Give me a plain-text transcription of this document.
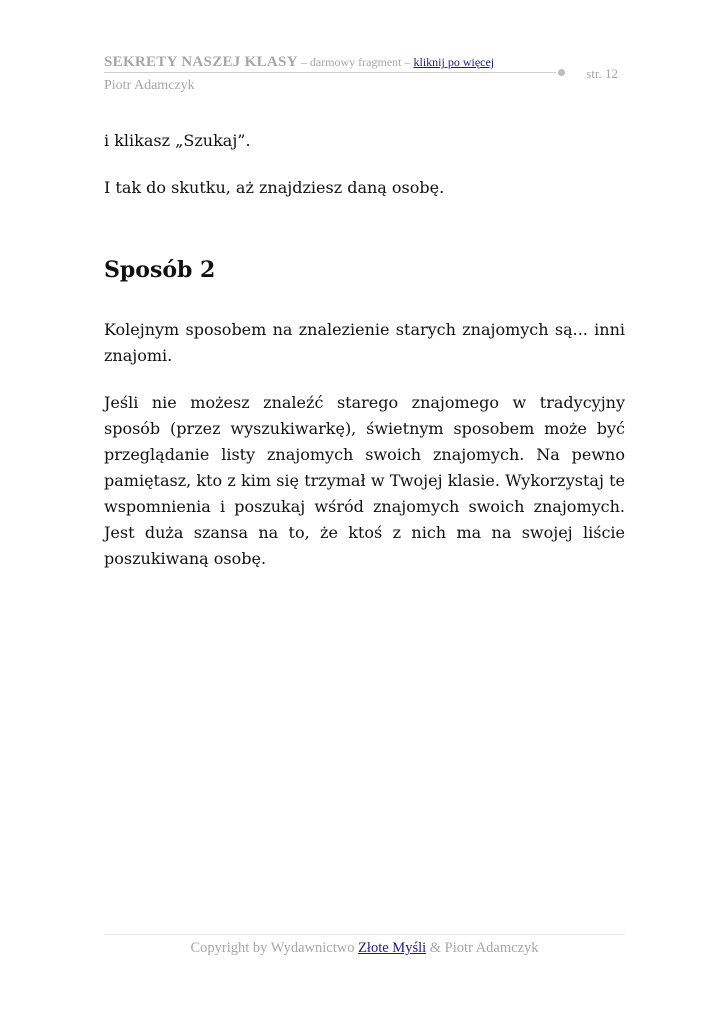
SEKRETY NASZEJ KLASY – darmowy fragment – kliknij po więcej
str. 12
Piotr Adamczyk

i klikasz „Szukaj”.

I tak do skutku, aż znajdziesz daną osobę.

Sposób 2

Kolejnym sposobem na znalezienie starych znajomych są... inni znajomi.

Jeśli nie możesz znaleźć starego znajomego w tradycyjny sposób (przez wyszukiwarkę), świetnym sposobem może być przeglądanie listy znajomych swoich znajomych. Na pewno pamiętasz, kto z kim się trzymał w Twojej klasie. Wykorzystaj te wspomnienia i poszukaj wśród znajomych swoich znajomych. Jest duża szansa na to, że ktoś z nich ma na swojej liście poszukiwaną osobę.

Copyright by Wydawnictwo Złote Myśli & Piotr Adamczyk
